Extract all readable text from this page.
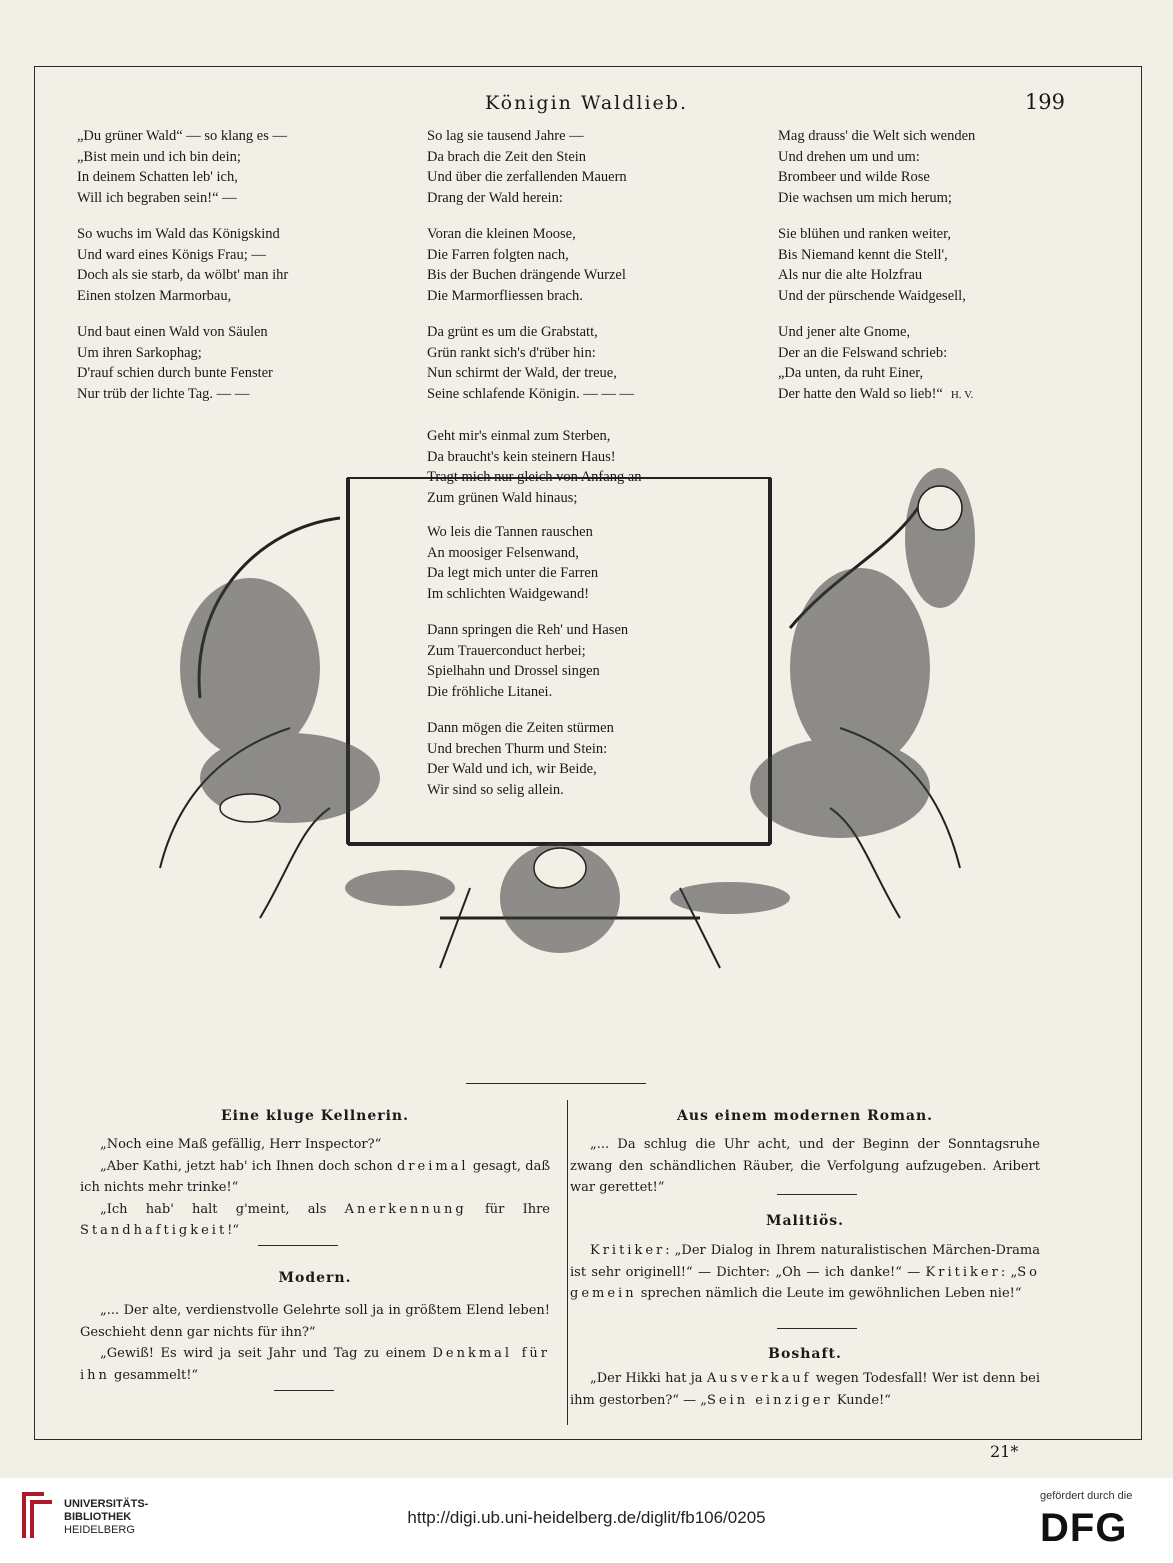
Königin Waldlieb.	199
„Du grüner Wald“ — so klang es —
„Bist mein und ich bin dein;
In deinem Schatten leb' ich,
Will ich begraben sein!“ —
So wuchs im Wald das Königskind
Und ward eines Königs Frau; —
Doch als sie starb, da wölbt' man ihr
Einen stolzen Marmorbau,
Und baut einen Wald von Säulen
Um ihren Sarkophag;
D'rauf schien durch bunte Fenster
Nur trüb der lichte Tag. — —
So lag sie tausend Jahre —
Da brach die Zeit den Stein
Und über die zerfallenden Mauern
Drang der Wald herein:
Voran die kleinen Moose,
Die Farren folgten nach,
Bis der Buchen drängende Wurzel
Die Marmorfliessen brach.
Da grünt es um die Grabstatt,
Grün rankt sich's d'rüber hin:
Nun schirmt der Wald, der treue,
Seine schlafende Königin. — — —
Mag drauss' die Welt sich wenden
Und drehen um und um:
Brombeer und wilde Rose
Die wachsen um mich herum;
Sie blühen und ranken weiter,
Bis Niemand kennt die Stell',
Als nur die alte Holzfrau
Und der pürschende Waidgesell,
Und jener alte Gnome,
Der an die Felswand schrieb:
„Da unten, da ruht Einer,
Der hatte den Wald so lieb!“ H. V.
Geht mir's einmal zum Sterben,
Da braucht's kein steinern Haus!
Tragt mich nur gleich von Anfang an
Zum grünen Wald hinaus;
Wo leis die Tannen rauschen
An moosiger Felsenwand,
Da legt mich unter die Farren
Im schlichten Waidgewand!
Dann springen die Reh' und Hasen
Zum Trauerconduct herbei;
Spielhahn und Drossel singen
Die fröhliche Litanei.
Dann mögen die Zeiten stürmen
Und brechen Thurm und Stein:
Der Wald und ich, wir Beide,
Wir sind so selig allein.
Eine kluge Kellnerin.

„Noch eine Maß gefällig, Herr Inspector?“

„Aber Kathi, jetzt hab' ich Ihnen doch schon dreimal gesagt, daß ich nichts mehr trinke!“

„Ich hab' halt g'meint, als Anerkennung für Ihre Standhaftigkeit!“

Modern.

„... Der alte, verdienstvolle Gelehrte soll ja in größtem Elend leben! Geschieht denn gar nichts für ihn?“

„Gewiß! Es wird ja seit Jahr und Tag zu einem Denkmal für ihn gesammelt!“

Aus einem modernen Roman.

„... Da schlug die Uhr acht, und der Beginn der Sonntagsruhe zwang den schändlichen Räuber, die Verfolgung aufzugeben. Aribert war gerettet!“

Malitiös.

Kritiker: „Der Dialog in Ihrem naturalistischen Märchen-Drama ist sehr originell!“ — Dichter: „Oh — ich danke!“ — Kritiker: „So gemein sprechen nämlich die Leute im gewöhnlichen Leben nie!“

Boshaft.

„Der Hikki hat ja Ausverkauf wegen Todesfall! Wer ist denn bei ihm gestorben?“ — „Sein einziger Kunde!“

21*
UNIVERSITÄTS-
BIBLIOTHEK
HEIDELBERG
http://digi.ub.uni-heidelberg.de/diglit/fb106/0205
gefördert durch die
DFG
